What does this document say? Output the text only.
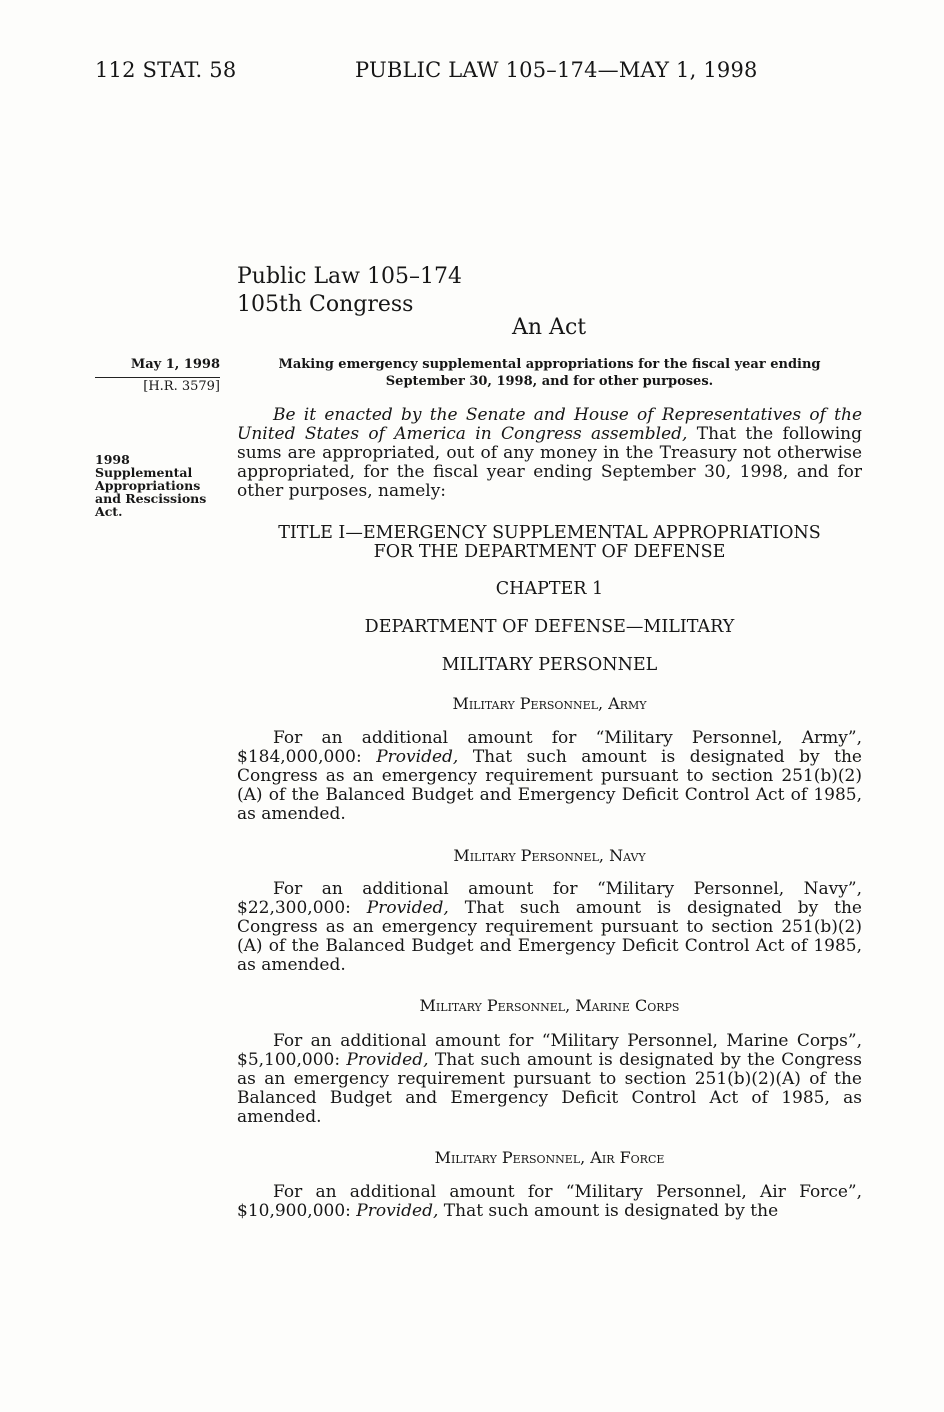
112 STAT. 58	PUBLIC LAW 105–174—MAY 1, 1998
Public Law 105–174
105th Congress
An Act
May 1, 1998
[H.R. 3579]
1998
Supplemental
Appropriations
and Rescissions
Act.
Making emergency supplemental appropriations for the fiscal year ending September 30, 1998, and for other purposes.
Be it enacted by the Senate and House of Representatives of the United States of America in Congress assembled, That the following sums are appropriated, out of any money in the Treasury not otherwise appropriated, for the fiscal year ending September 30, 1998, and for other purposes, namely:
TITLE I—EMERGENCY SUPPLEMENTAL APPROPRIATIONS
FOR THE DEPARTMENT OF DEFENSE
CHAPTER 1
DEPARTMENT OF DEFENSE—MILITARY
MILITARY PERSONNEL
Military Personnel, Army
For an additional amount for “Military Personnel, Army”, $184,000,000: Provided, That such amount is designated by the Congress as an emergency requirement pursuant to section 251(b)(2)(A) of the Balanced Budget and Emergency Deficit Control Act of 1985, as amended.
Military Personnel, Navy
For an additional amount for “Military Personnel, Navy”, $22,300,000: Provided, That such amount is designated by the Congress as an emergency requirement pursuant to section 251(b)(2)(A) of the Balanced Budget and Emergency Deficit Control Act of 1985, as amended.
Military Personnel, Marine Corps
For an additional amount for “Military Personnel, Marine Corps”, $5,100,000: Provided, That such amount is designated by the Congress as an emergency requirement pursuant to section 251(b)(2)(A) of the Balanced Budget and Emergency Deficit Control Act of 1985, as amended.
Military Personnel, Air Force
For an additional amount for “Military Personnel, Air Force”, $10,900,000: Provided, That such amount is designated by the
